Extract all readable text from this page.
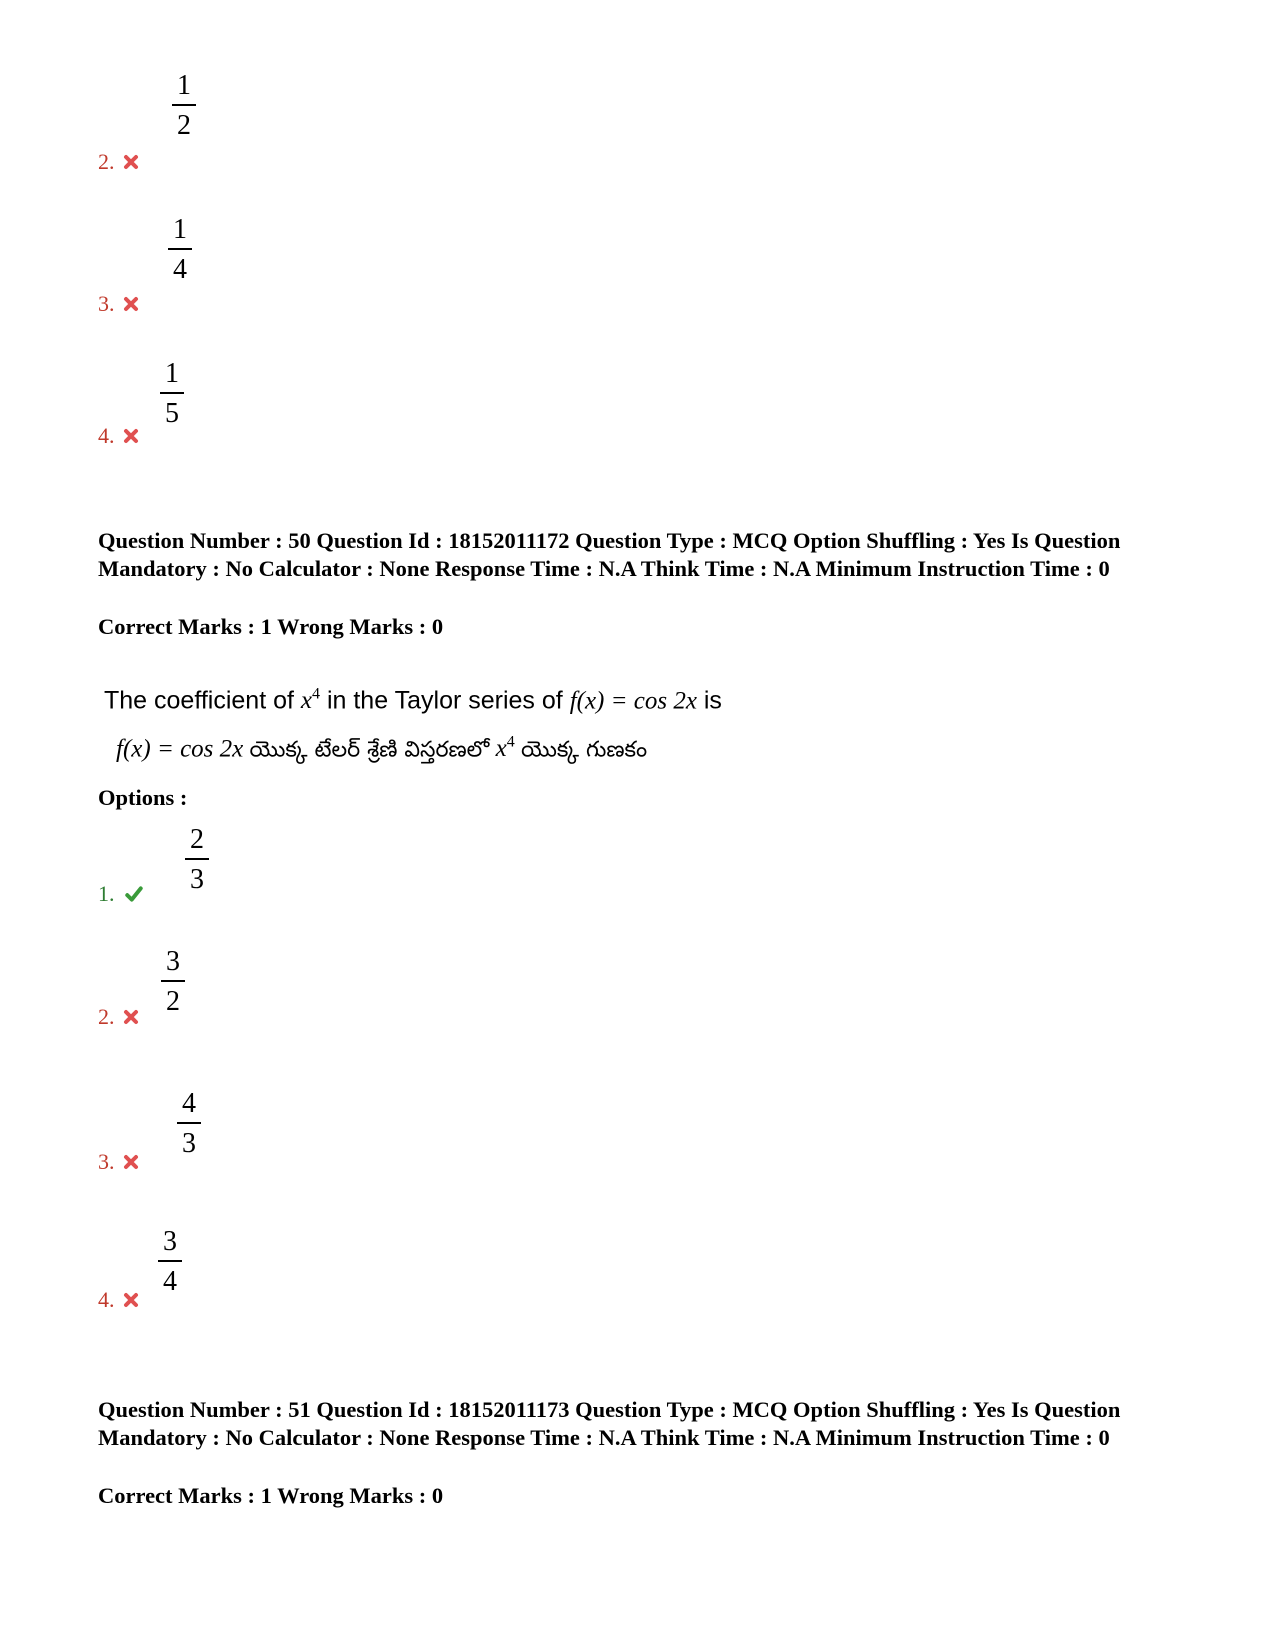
1
2
2.
1
4
3.
1
5
4.
Question Number : 50 Question Id : 18152011172 Question Type : MCQ Option Shuffling : Yes Is Question Mandatory : No Calculator : None Response Time : N.A Think Time : N.A Minimum Instruction Time : 0
Correct Marks : 1 Wrong Marks : 0
The coefficient of $x^4$ in the Taylor series of f(x) = cos 2x is
f(x) = cos 2x యొక్క టేలర్ శ్రేణి విస్తరణలో $x^4$ యొక్క గుణకం
Options :
2
3
1.
3
2
2.
4
3
3.
3
4
4.
Question Number : 51 Question Id : 18152011173 Question Type : MCQ Option Shuffling : Yes Is Question Mandatory : No Calculator : None Response Time : N.A Think Time : N.A Minimum Instruction Time : 0
Correct Marks : 1 Wrong Marks : 0
